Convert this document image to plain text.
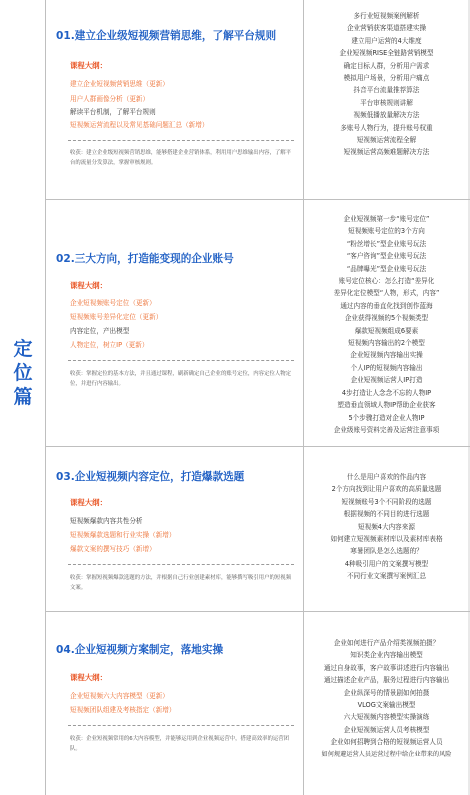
定位篇
01.建立企业级短视频营销思维，了解平台规则
课程大纲：
建立企业短视频营销思维（更新）
用户人群画像分析（更新）
解读平台机制，了解平台规则
短视频运营流程以及常见基础问题汇总（新增）
收获：建立企业级短视频营销思维，能够搭建企业营销体系，利用用户思维输出内容，了解平台的流量分发算法，掌握审核规则。
多行业短视频案例解析
企业营销获客渠道搭建实操
建立用户运营的4大维度
企业短视频RISE全链路营销模型
确定目标人群，分析用户需求
模拟用户场景，分析用户痛点
抖音平台流量推荐算法
平台审核规则讲解
视频低播放量解决方法
多账号人物行为，提升账号权重
短视频运营流程全解
短视频运营高频难题解决方法
02.三大方向，打造能变现的企业账号
课程大纲：
企业短视频账号定位（更新）
短视频账号差异化定位（更新）
内容定位，产出模型
人物定位，树立IP（更新）
收获：掌握定位的基本方法，并且通过课程，刷新确定自己企业的账号定位，内容定位人物定位，并进行内容输出。
企业短视频第一步“账号定位”
短视频账号定位的3个方向
“粉丝增长”型企业账号玩法
“客户咨询”型企业账号玩法
“品牌曝光”型企业账号玩法
账号定位核心：怎么打造“差异化
差异化定位模型“人物，形式，内容”
通过内容的垂直化找到创作蓝海
企业获得视频的5个视频类型
爆款短视频组成6要素
短视频内容输出的2个模型
企业短视频内容输出实操
个人IP的短视频内容输出
企业短视频运营人IP打造
4步打造让人念念不忘的人物IP
塑造垂直领域人物IP帮助企业获客
5个步骤打造对企业人物IP
企业级账号资料完善及运营注意事项
03.企业短视频内容定位，打造爆款选题
课程大纲：
短视频爆款内容共性分析
短视频爆款选题和行业实操（新增）
爆款文案的撰写技巧（新增）
收获：掌握短视频爆款选题的方法，并根据自己行业创建素材库，能够撰写吸引用户的短视频文案。
什么是用户喜欢的作品内容
2个方向找到让用户喜欢的高质量选题
短视频账号3个不同阶段的选题
根据视频的不同目的进行选题
短视频4大内容来源
如何建立短视频素材库以及素材库表格
寒暑团队是怎么选题的？
4种吸引用户的文案撰写模型
不同行业文案撰写案例汇总
04.企业短视频方案制定，落地实操
课程大纲：
企业短视频六大内容模型（更新）
短视频团队组建及考核指定（新增）
收获：企业短视频常用的6大内容模型，并能够运用到企业视频运营中，搭建高效率的运营团队。
企业如何进行产品介绍类视频拍摄？
知识类企业内容输出模型
通过自身故事，客户故事讲述进行内容输出
通过描述企业产品，服务过程进行内容输出
企业纵深号的情景剧如何拍摄
VLOG文案输出模型
六大短视频内容模型实操演练
企业短视频运营人员考核模型
企业如何招聘到合格的短视频运营人员
如何规避运营人员运营过程中给企业带来的风险
